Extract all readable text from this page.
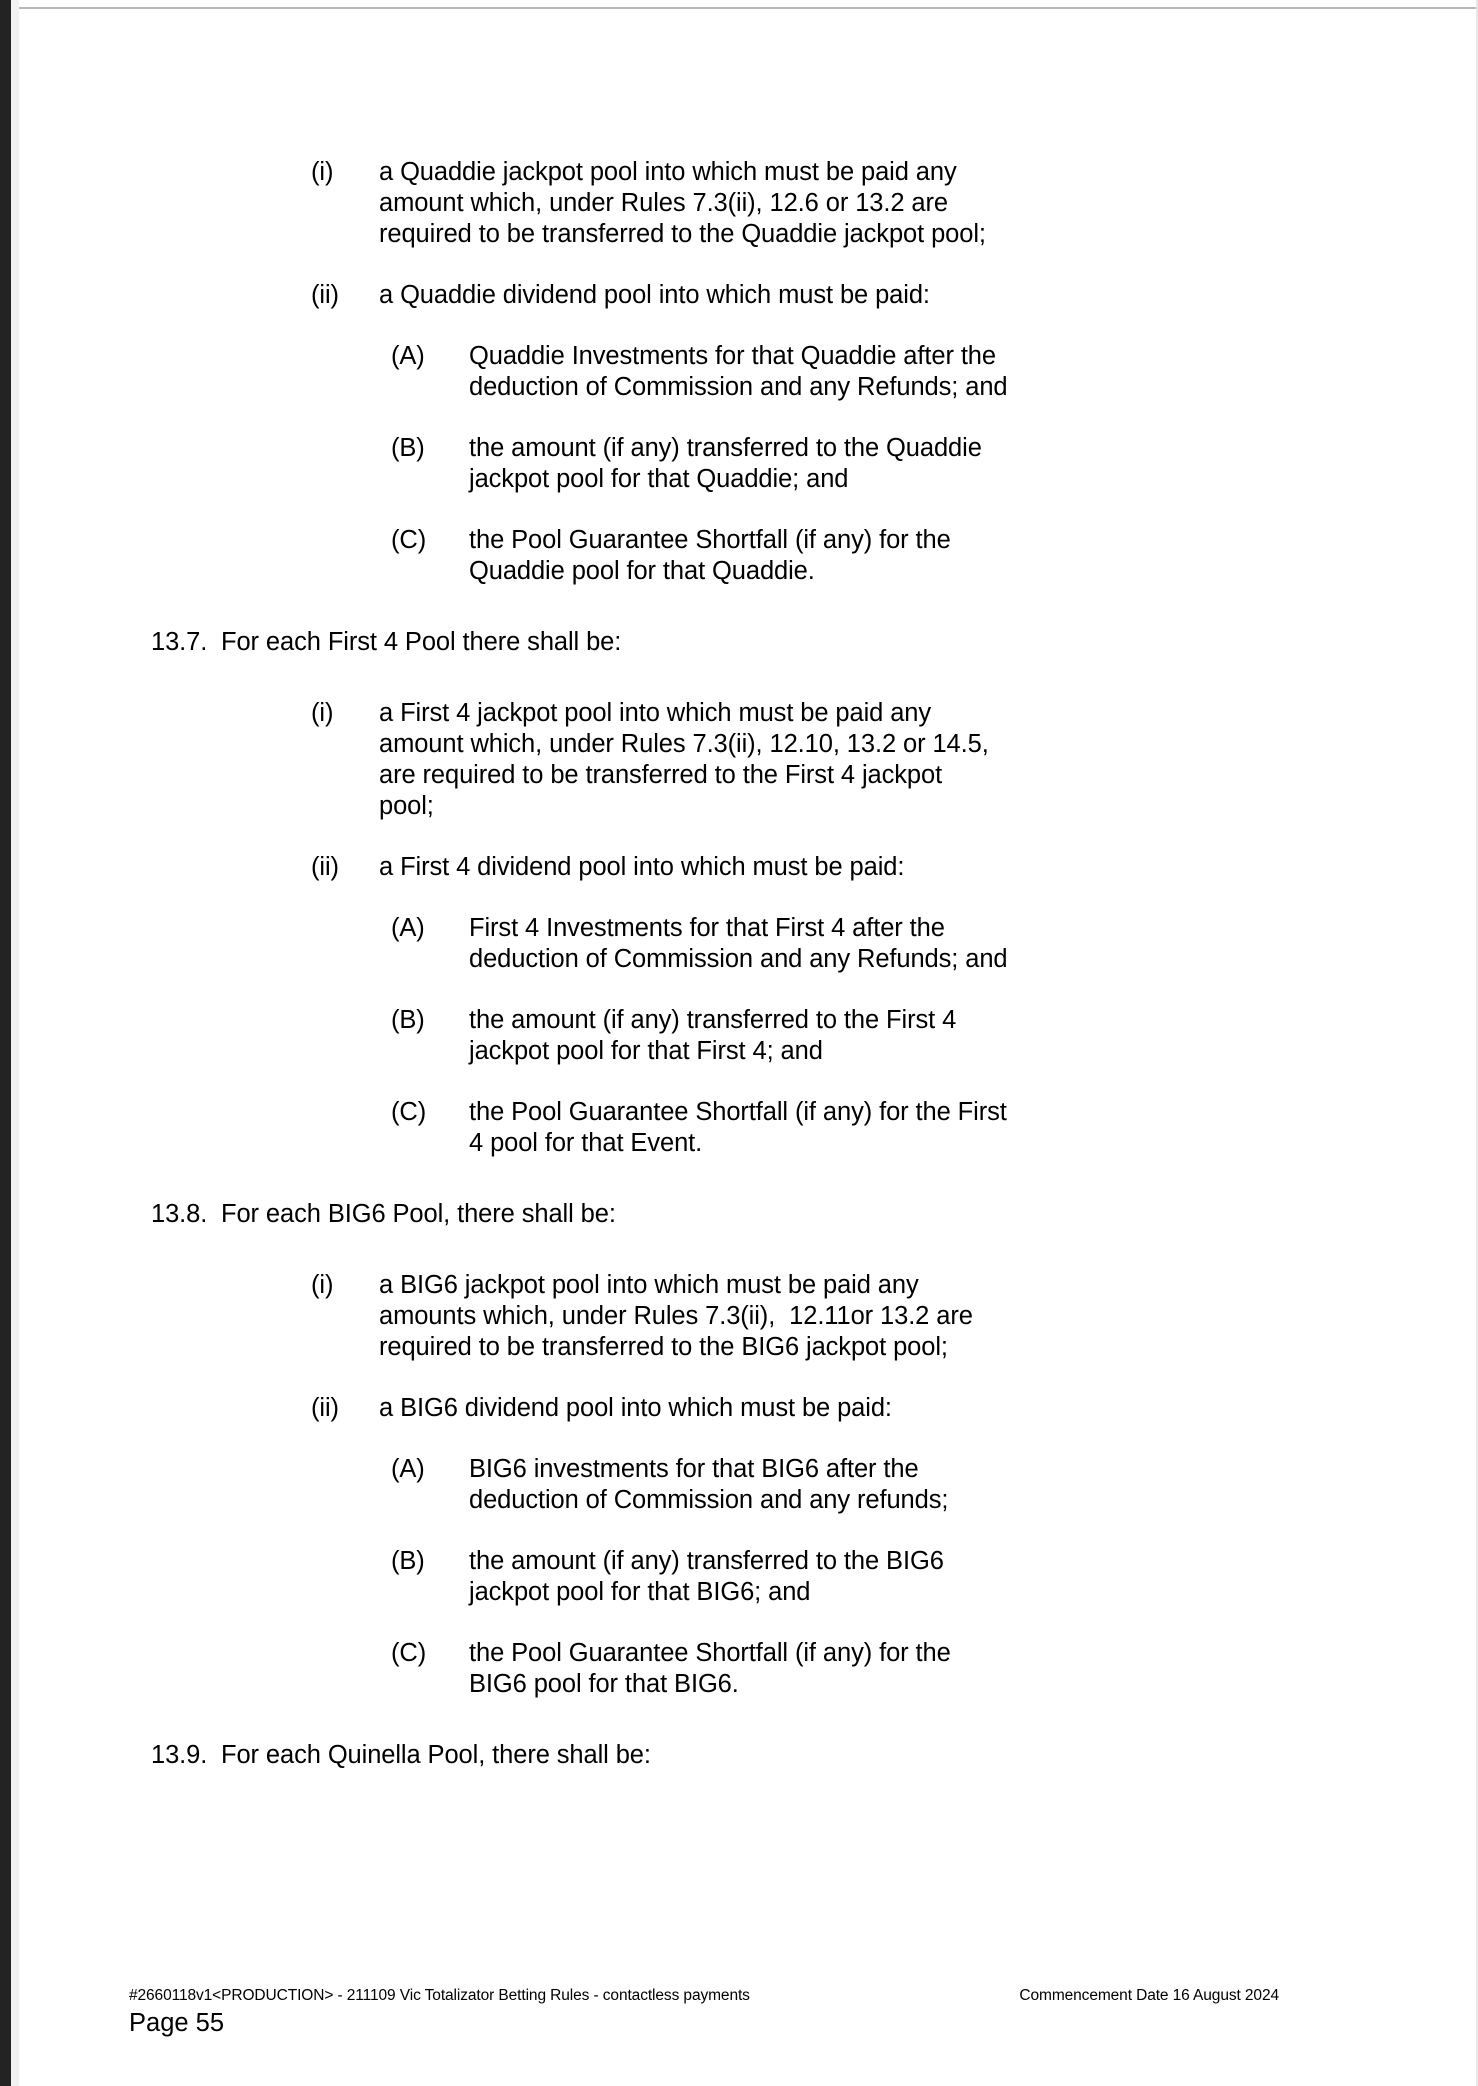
(i)	a Quaddie jackpot pool into which must be paid any amount which, under Rules 7.3(ii), 12.6 or 13.2 are required to be transferred to the Quaddie jackpot pool;
(ii)	a Quaddie dividend pool into which must be paid:
(A)	Quaddie Investments for that Quaddie after the deduction of Commission and any Refunds; and
(B)	the amount (if any) transferred to the Quaddie jackpot pool for that Quaddie; and
(C)	the Pool Guarantee Shortfall (if any) for the Quaddie pool for that Quaddie.
13.7. For each First 4 Pool there shall be:
(i)	a First 4 jackpot pool into which must be paid any amount which, under Rules 7.3(ii), 12.10, 13.2 or 14.5, are required to be transferred to the First 4 jackpot pool;
(ii)	a First 4 dividend pool into which must be paid:
(A)	First 4 Investments for that First 4 after the deduction of Commission and any Refunds; and
(B)	the amount (if any) transferred to the First 4 jackpot pool for that First 4; and
(C)	the Pool Guarantee Shortfall (if any) for the First 4 pool for that Event.
13.8. For each BIG6 Pool, there shall be:
(i)	a BIG6 jackpot pool into which must be paid any amounts which, under Rules 7.3(ii),  12.11or 13.2 are required to be transferred to the BIG6 jackpot pool;
(ii)	a BIG6 dividend pool into which must be paid:
(A)	BIG6 investments for that BIG6 after the deduction of Commission and any refunds;
(B)	the amount (if any) transferred to the BIG6 jackpot pool for that BIG6; and
(C)	the Pool Guarantee Shortfall (if any) for the BIG6 pool for that BIG6.
13.9. For each Quinella Pool, there shall be:
#2660118v1<PRODUCTION> - 211109 Vic Totalizator Betting Rules - contactless payments	Commencement Date 16 August 2024
Page 55
